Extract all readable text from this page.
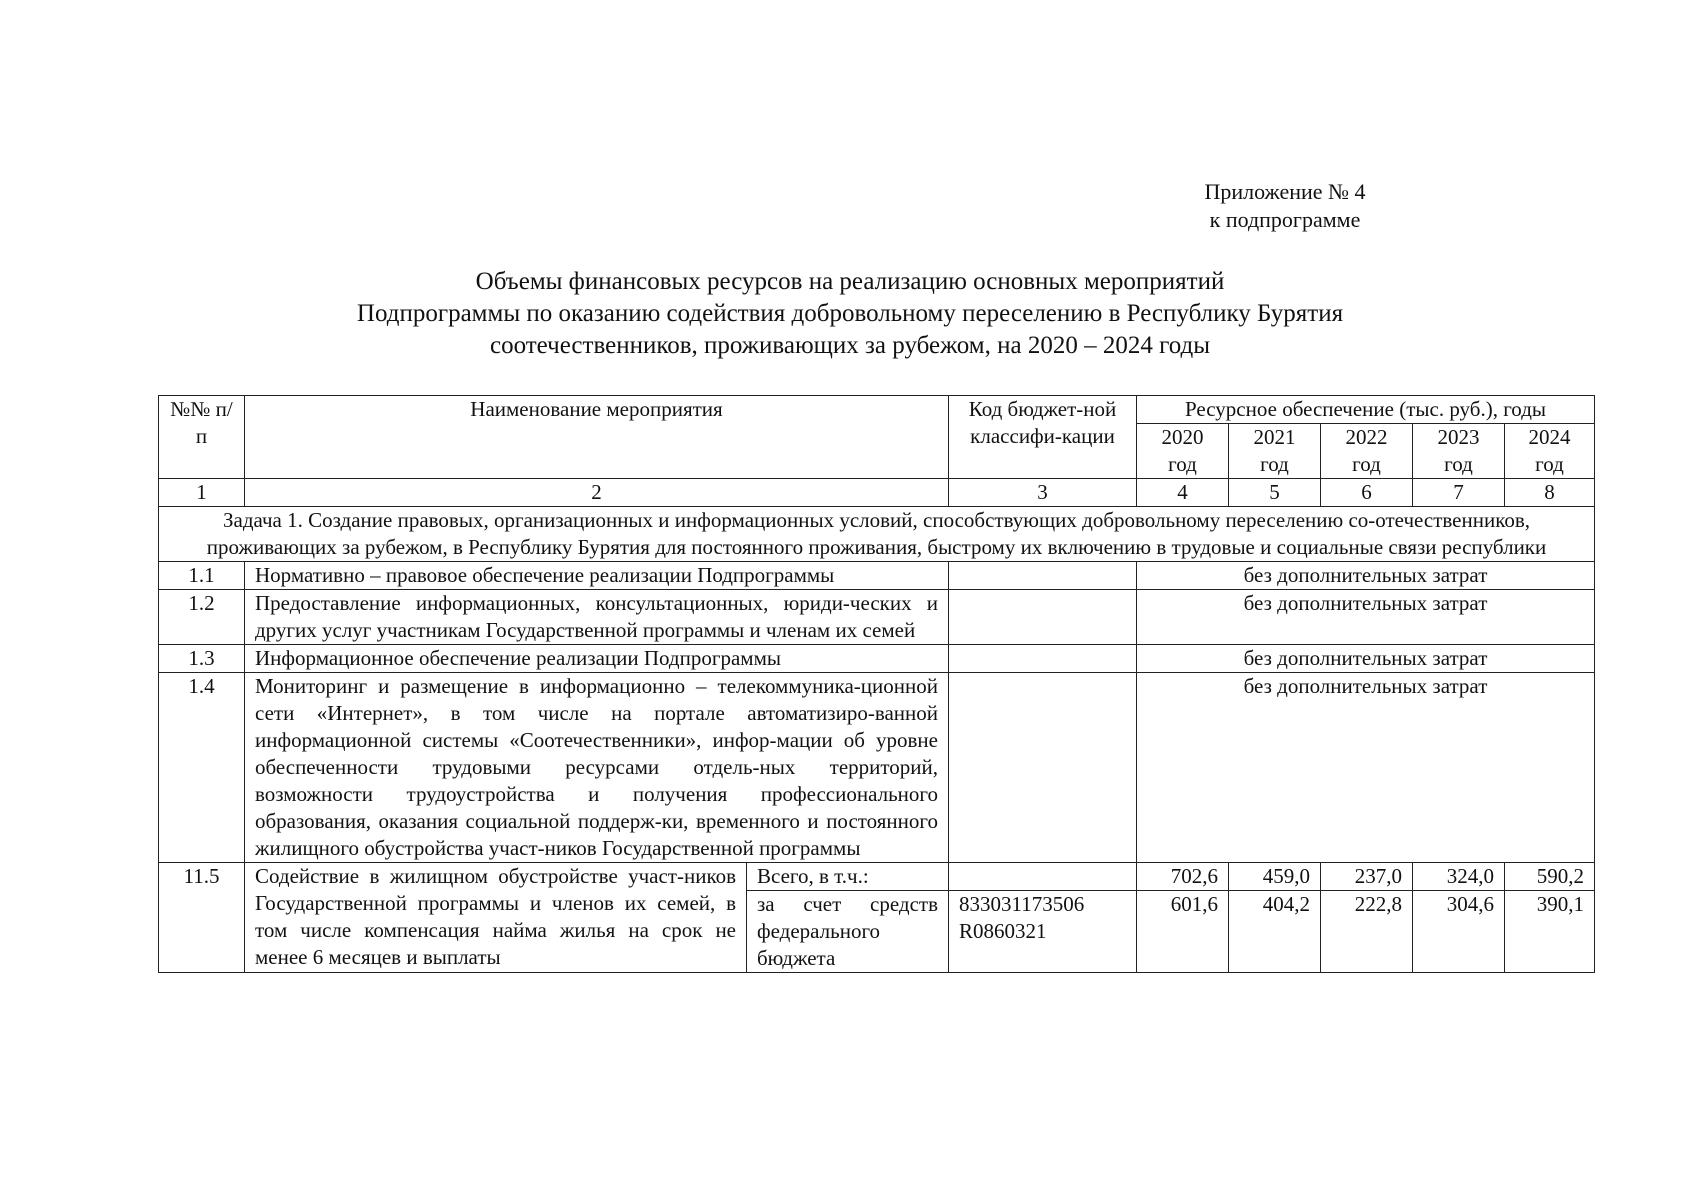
Приложение № 4
к подпрограмме
Объемы финансовых ресурсов на реализацию основных мероприятий
Подпрограммы по оказанию содействия добровольному переселению в Республику Бурятия
соотечественников, проживающих за рубежом, на 2020 – 2024 годы
№№ п/п	Наименование мероприятия		Код бюджет-ной классифи-кации	Ресурсное обеспечение (тыс. руб.), годы				
				2020 год	2021 год	2022 год	2023 год	2024 год
1	2		3	4	5	6	7	8
Задача 1. Создание правовых, организационных и информационных условий, способствующих добровольному переселению со-отечественников, проживающих за рубежом, в Республику Бурятия для постоянного проживания, быстрому их включению в трудовые и социальные связи республики								
1.1	Нормативно – правовое обеспечение реализации Подпрограммы			без дополнительных затрат				
1.2	Предоставление информационных, консультационных, юриди-ческих и других услуг участникам Государственной программы и членам их семей			без дополнительных затрат				
1.3	Информационное обеспечение реализации Подпрограммы			без дополнительных затрат				
1.4	Мониторинг и размещение в информационно – телекоммуника-ционной сети «Интернет», в том числе на портале автоматизиро-ванной информационной системы «Соотечественники», инфор-мации об уровне обеспеченности трудовыми ресурсами отдель-ных территорий, возможности трудоустройства и получения профессионального образования, оказания социальной поддерж-ки, временного и постоянного жилищного обустройства участ-ников Государственной программы			без дополнительных затрат				
11.5	Содействие в жилищном обустройстве участ-ников Государственной программы и членов их семей, в том числе компенсация найма жилья на срок не менее 6 месяцев и выплаты	Всего, в т.ч.:		702,6	459,0	237,0	324,0	590,2
		за счет средств федерального бюджета	833031173506 R0860321	601,6	404,2	222,8	304,6	390,1
